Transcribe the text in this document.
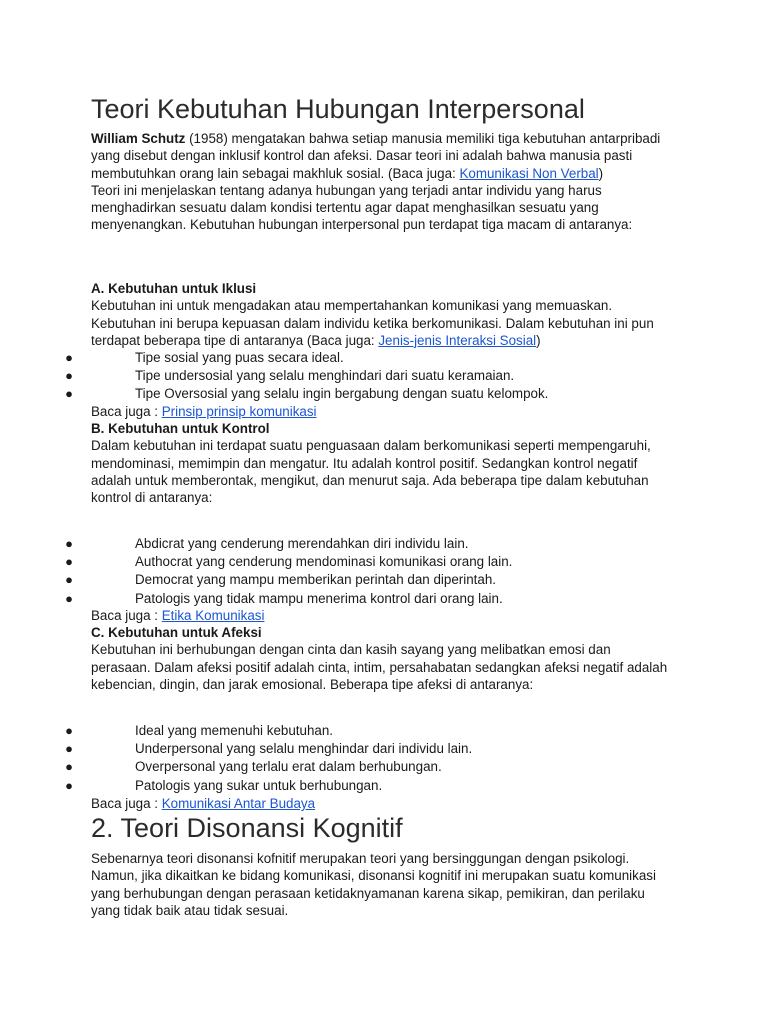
Teori Kebutuhan Hubungan Interpersonal

William Schutz (1958) mengatakan bahwa setiap manusia memiliki tiga kebutuhan antarpribadi yang disebut dengan inklusif kontrol dan afeksi. Dasar teori ini adalah bahwa manusia pasti membutuhkan orang lain sebagai makhluk sosial. (Baca juga: Komunikasi Non Verbal)

Teori ini menjelaskan tentang adanya hubungan yang terjadi antar individu yang harus menghadirkan sesuatu dalam kondisi tertentu agar dapat menghasilkan sesuatu yang menyenangkan. Kebutuhan hubungan interpersonal pun terdapat tiga macam di antaranya:

A. Kebutuhan untuk Iklusi

Kebutuhan ini untuk mengadakan atau mempertahankan komunikasi yang memuaskan. Kebutuhan ini berupa kepuasan dalam individu ketika berkomunikasi. Dalam kebutuhan ini pun terdapat beberapa tipe di antaranya (Baca juga: Jenis-jenis Interaksi Sosial)

●	Tipe sosial yang puas secara ideal.
●	Tipe undersosial yang selalu menghindari dari suatu keramaian.
●	Tipe Oversosial yang selalu ingin bergabung dengan suatu kelompok.

Baca juga : Prinsip prinsip komunikasi

B. Kebutuhan untuk Kontrol

Dalam kebutuhan ini terdapat suatu penguasaan dalam berkomunikasi seperti mempengaruhi, mendominasi, memimpin dan mengatur. Itu adalah kontrol positif. Sedangkan kontrol negatif adalah untuk memberontak, mengikut, dan menurut saja. Ada beberapa tipe dalam kebutuhan kontrol di antaranya:

●	Abdicrat yang cenderung merendahkan diri individu lain.
●	Authocrat yang cenderung mendominasi komunikasi orang lain.
●	Democrat yang mampu memberikan perintah dan diperintah.
●	Patologis yang tidak mampu menerima kontrol dari orang lain.

Baca juga : Etika Komunikasi

C. Kebutuhan untuk Afeksi

Kebutuhan ini berhubungan dengan cinta dan kasih sayang yang melibatkan emosi dan perasaan. Dalam afeksi positif adalah cinta, intim, persahabatan sedangkan afeksi negatif adalah kebencian, dingin, dan jarak emosional. Beberapa tipe afeksi di antaranya:

●	Ideal yang memenuhi kebutuhan.
●	Underpersonal yang selalu menghindar dari individu lain.
●	Overpersonal yang terlalu erat dalam berhubungan.
●	Patologis yang sukar untuk berhubungan.

Baca juga : Komunikasi Antar Budaya

2. Teori Disonansi Kognitif

Sebenarnya teori disonansi kofnitif merupakan teori yang bersinggungan dengan psikologi. Namun, jika dikaitkan ke bidang komunikasi, disonansi kognitif ini merupakan suatu komunikasi yang berhubungan dengan perasaan ketidaknyamanan karena sikap, pemikiran, dan perilaku yang tidak baik atau tidak sesuai.
